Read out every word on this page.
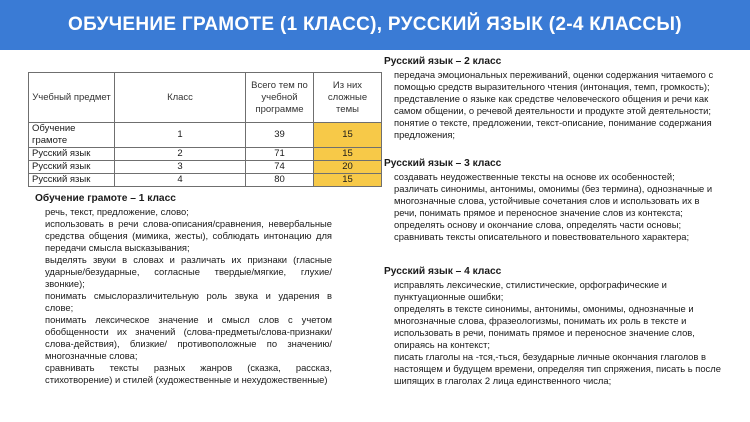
ОБУЧЕНИЕ ГРАМОТЕ (1 КЛАСС), РУССКИЙ ЯЗЫК (2-4 КЛАССЫ)
Учебный предмет	Класс	Всего тем по учебной программе	Из них сложные темы
Обучение грамоте	1	39	15
Русский язык	2	71	15
Русский язык	3	74	20
Русский язык	4	80	15
Обучение грамоте – 1 класс
речь, текст, предложение, слово;
использовать в речи слова-описания/сравнения, невербальные средства общения (мимика, жесты), соблюдать интонацию для передачи смысла высказывания;
выделять звуки в словах и различать их признаки (гласные ударные/безударные, согласные твердые/мягкие, глухие/звонкие);
понимать смыслоразличительную роль звука и ударения в слове;
понимать лексическое значение и смысл слов с учетом обобщенности их значений (слова-предметы/слова-признаки/слова-действия), близкие/ противоположные по значению/многозначные слова;
сравнивать тексты разных жанров (сказка, рассказ, стихотворение) и стилей (художественные и нехудожественные)
Русский язык – 2 класс
передача эмоциональных переживаний, оценки содержания читаемого с помощью средств выразительного чтения (интонация, темп, громкость);
представление о языке как средстве человеческого общения и речи как самом общении, о речевой деятельности и продукте этой деятельности;
понятие о тексте, предложении, текст-описание, понимание содержания предложения;
Русский язык – 3 класс
создавать неудожественные тексты на основе их особенностей;
различать синонимы, антонимы, омонимы (без термина), однозначные и многозначные слова, устойчивые сочетания слов и использовать их в речи, понимать прямое и переносное значение слов из контекста;
определять основу и окончание слова, определять части основы;
сравнивать тексты описательного и повествовательного характера;
Русский язык – 4 класс
исправлять лексические, стилистические, орфографические и пунктуационные ошибки;
определять в тексте синонимы, антонимы, омонимы, однозначные и многозначные слова, фразеологизмы, понимать их роль в тексте и использовать в речи, понимать прямое и переносное значение слов, опираясь на контекст;
писать глаголы на -тся,-ться, безударные личные окончания глаголов в настоящем и будущем времени, определяя тип спряжения, писать ь после шипящих в глаголах 2 лица единственного числа;
